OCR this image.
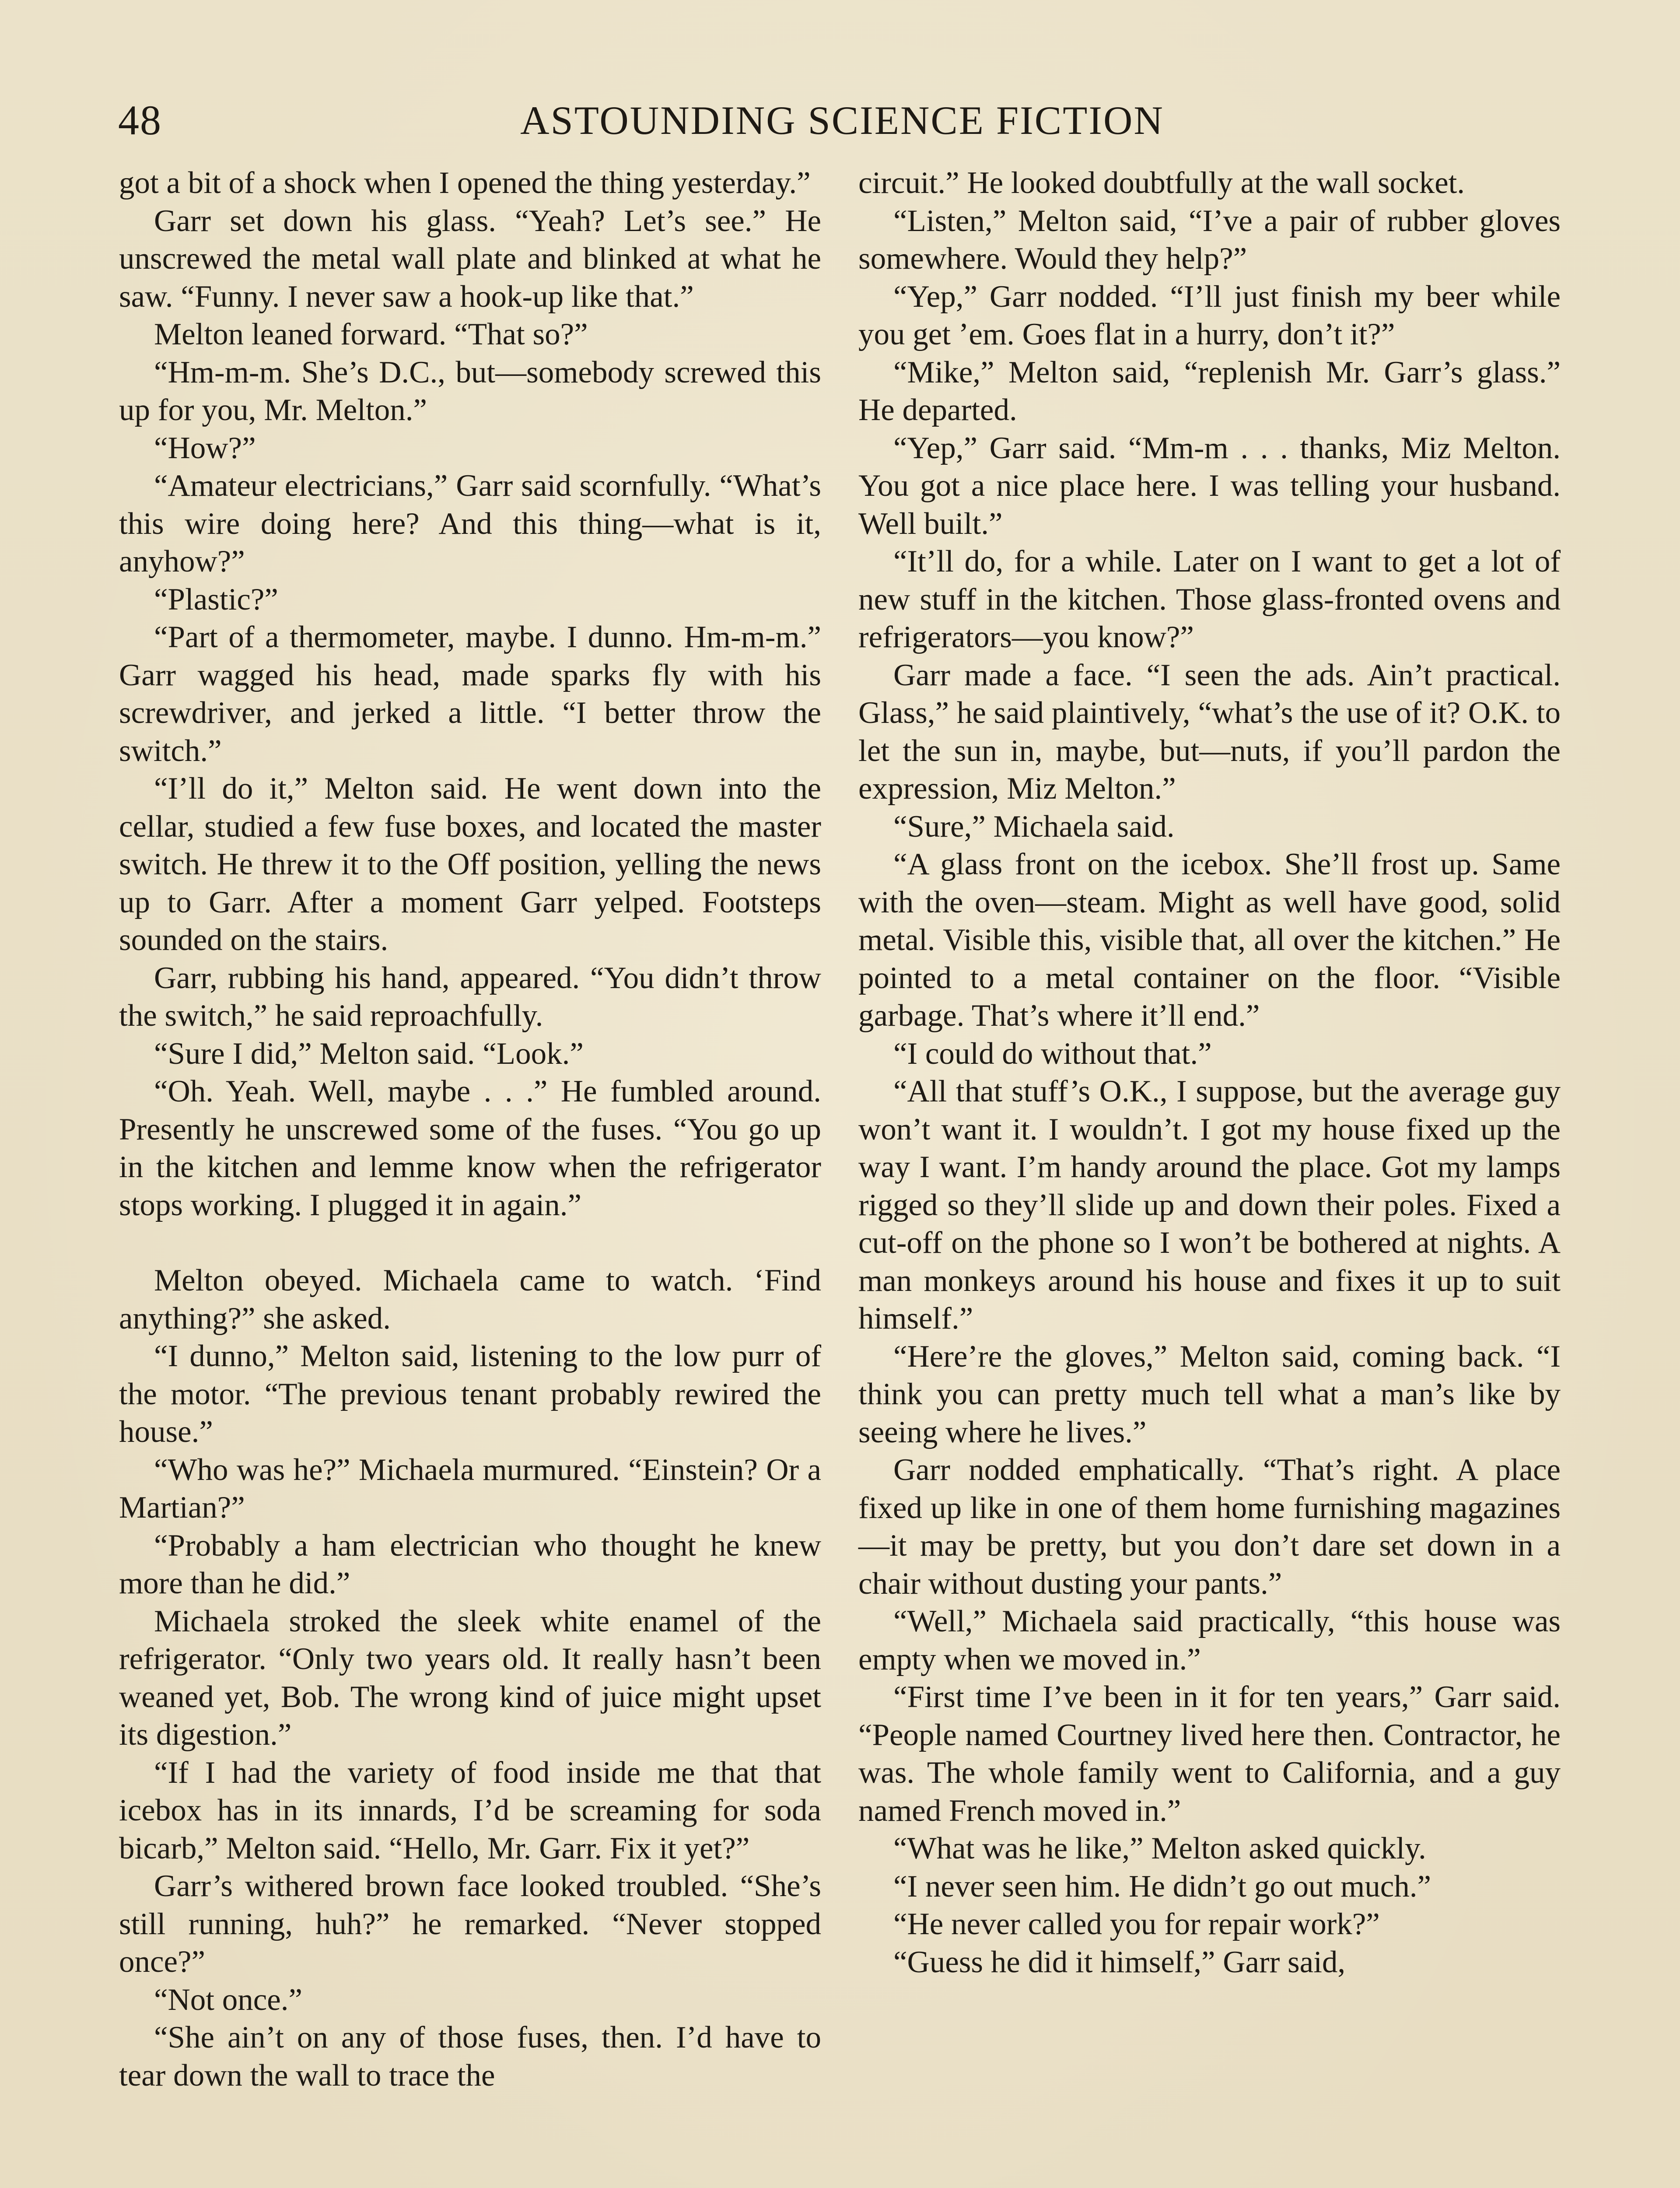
48	ASTOUNDING SCIENCE FICTION

got a bit of a shock when I opened the thing yesterday.”

Garr set down his glass. “Yeah? Let’s see.” He unscrewed the metal wall plate and blinked at what he saw. “Funny. I never saw a hook-up like that.”

Melton leaned forward. “That so?”

“Hm-m-m. She’s D.C., but—somebody screwed this up for you, Mr. Melton.”

“How?”

“Amateur electricians,” Garr said scornfully. “What’s this wire doing here? And this thing—what is it, anyhow?”

“Plastic?”

“Part of a thermometer, maybe. I dunno. Hm-m-m.” Garr wagged his head, made sparks fly with his screwdriver, and jerked a little. “I better throw the switch.”

“I’ll do it,” Melton said. He went down into the cellar, studied a few fuse boxes, and located the master switch. He threw it to the Off position, yelling the news up to Garr. After a moment Garr yelped. Footsteps sounded on the stairs.

Garr, rubbing his hand, appeared. “You didn’t throw the switch,” he said reproachfully.

“Sure I did,” Melton said. “Look.”

“Oh. Yeah. Well, maybe . . .” He fumbled around. Presently he unscrewed some of the fuses. “You go up in the kitchen and lemme know when the refrigerator stops working. I plugged it in again.”

Melton obeyed. Michaela came to watch. ‘Find anything?” she asked.

“I dunno,” Melton said, listening to the low purr of the motor. “The previous tenant probably rewired the house.”

“Who was he?” Michaela murmured. “Einstein? Or a Martian?”

“Probably a ham electrician who thought he knew more than he did.”

Michaela stroked the sleek white enamel of the refrigerator. “Only two years old. It really hasn’t been weaned yet, Bob. The wrong kind of juice might upset its digestion.”

“If I had the variety of food inside me that that icebox has in its innards, I’d be screaming for soda bicarb,” Melton said. “Hello, Mr. Garr. Fix it yet?”

Garr’s withered brown face looked troubled. “She’s still running, huh?” he remarked. “Never stopped once?”

“Not once.”

“She ain’t on any of those fuses, then. I’d have to tear down the wall to trace the

circuit.” He looked doubtfully at the wall socket.

“Listen,” Melton said, “I’ve a pair of rubber gloves somewhere. Would they help?”

“Yep,” Garr nodded. “I’ll just finish my beer while you get ’em. Goes flat in a hurry, don’t it?”

“Mike,” Melton said, “replenish Mr. Garr’s glass.” He departed.

“Yep,” Garr said. “Mm-m . . . thanks, Miz Melton. You got a nice place here. I was telling your husband. Well built.”

“It’ll do, for a while. Later on I want to get a lot of new stuff in the kitchen. Those glass-fronted ovens and refrigerators—you know?”

Garr made a face. “I seen the ads. Ain’t practical. Glass,” he said plaintively, “what’s the use of it? O.K. to let the sun in, maybe, but—nuts, if you’ll pardon the expression, Miz Melton.”

“Sure,” Michaela said.

“A glass front on the icebox. She’ll frost up. Same with the oven—steam. Might as well have good, solid metal. Visible this, visible that, all over the kitchen.” He pointed to a metal container on the floor. “Visible garbage. That’s where it’ll end.”

“I could do without that.”

“All that stuff’s O.K., I suppose, but the average guy won’t want it. I wouldn’t. I got my house fixed up the way I want. I’m handy around the place. Got my lamps rigged so they’ll slide up and down their poles. Fixed a cut-off on the phone so I won’t be bothered at nights. A man monkeys around his house and fixes it up to suit himself.”

“Here’re the gloves,” Melton said, coming back. “I think you can pretty much tell what a man’s like by seeing where he lives.”

Garr nodded emphatically. “That’s right. A place fixed up like in one of them home furnishing magazines—it may be pretty, but you don’t dare set down in a chair without dusting your pants.”

“Well,” Michaela said practically, “this house was empty when we moved in.”

“First time I’ve been in it for ten years,” Garr said. “People named Courtney lived here then. Contractor, he was. The whole family went to California, and a guy named French moved in.”

“What was he like,” Melton asked quickly.

“I never seen him. He didn’t go out much.”

“He never called you for repair work?”

“Guess he did it himself,” Garr said,
